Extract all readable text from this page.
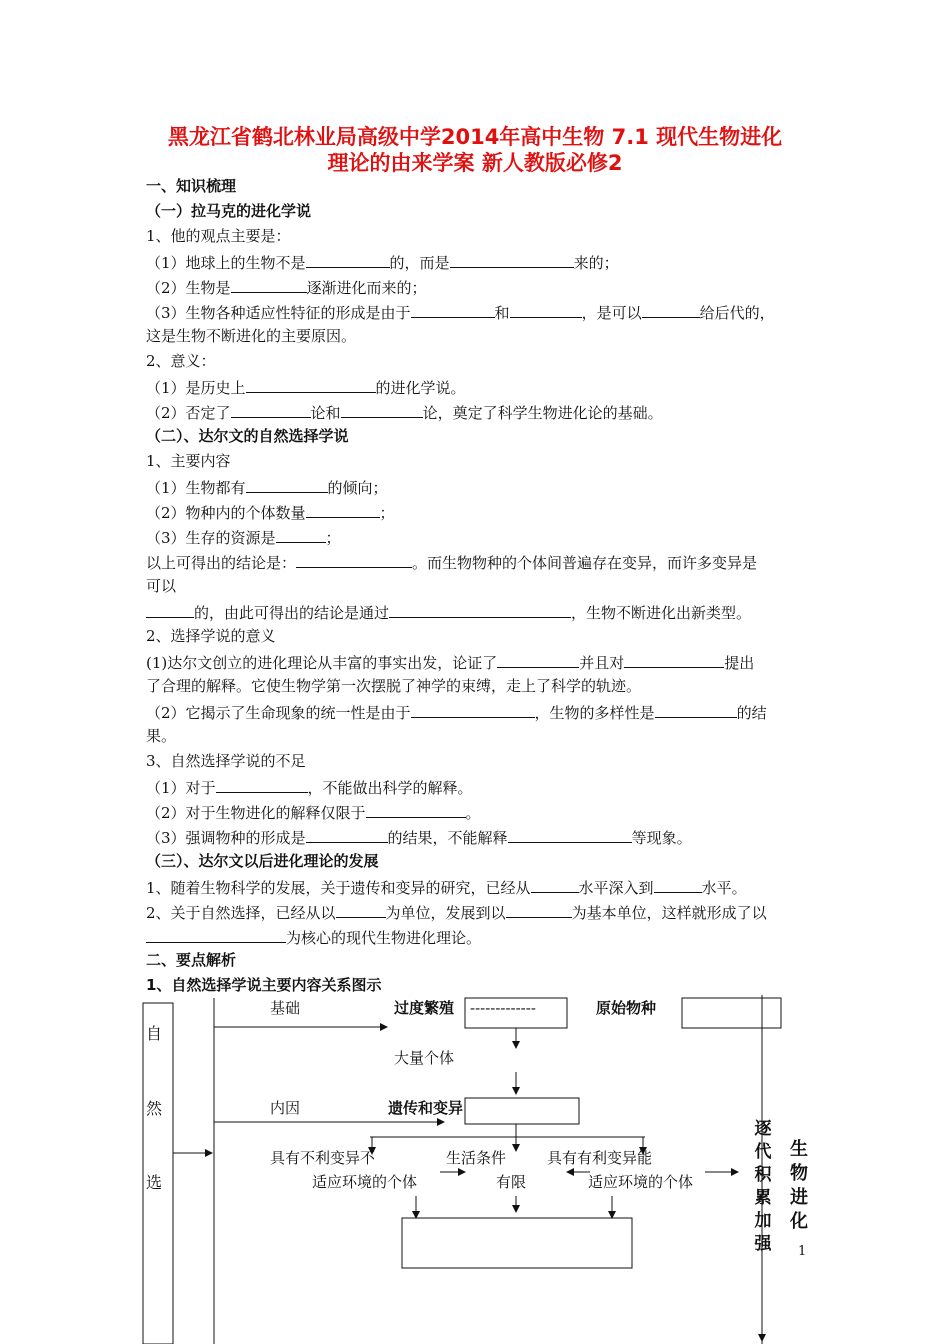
黑龙江省鹤北林业局高级中学2014年高中生物 7.1 现代生物进化
理论的由来学案 新人教版必修2
一、知识梳理
（一）拉马克的进化学说
1、他的观点主要是：
（1）地球上的生物不是	的，而是	来的；
（2）生物是	逐渐进化而来的；
（3）生物各种适应性特征的形成是由于	和	，是可以	给后代的，
这是生物不断进化的主要原因。
2、意义：
（1）是历史上	的进化学说。
（2）否定了	论和	论，奠定了科学生物进化论的基础。
（二）、达尔文的自然选择学说
1、主要内容
（1）生物都有	的倾向；
（2）物种内的个体数量	；
（3）生存的资源是	；
以上可得出的结论是：	。而生物物种的个体间普遍存在变异，而许多变异是
可以
的，由此可得出的结论是通过	，生物不断进化出新类型。
2、选择学说的意义
(1)达尔文创立的进化理论从丰富的事实出发，论证了	并且对	提出
了合理的解释。它使生物学第一次摆脱了神学的束缚，走上了科学的轨迹。
（2）它揭示了生命现象的统一性是由于	，生物的多样性是	的结
果。
3、自然选择学说的不足
（1）对于	，不能做出科学的解释。
（2）对于生物进化的解释仅限于	。
（3）强调物种的形成是	的结果，不能解释	等现象。
（三）、达尔文以后进化理论的发展
1、随着生物科学的发展，关于遗传和变异的研究，已经从	水平深入到	水平。
2、关于自然选择，已经从以	为单位，发展到以	为基本单位，这样就形成了以
为核心的现代生物进化理论。
二、要点解析
1、自然选择学说主要内容关系图示
自
然
选
基础	过度繁殖 -------------	原始物种
大量个体
内因	遗传和变异
具有不利变异不
适应环境的个体
生活条件
有限
具有有利变异能
适应环境的个体
逐
代
积
累
加
强
生
物
进
化
1
